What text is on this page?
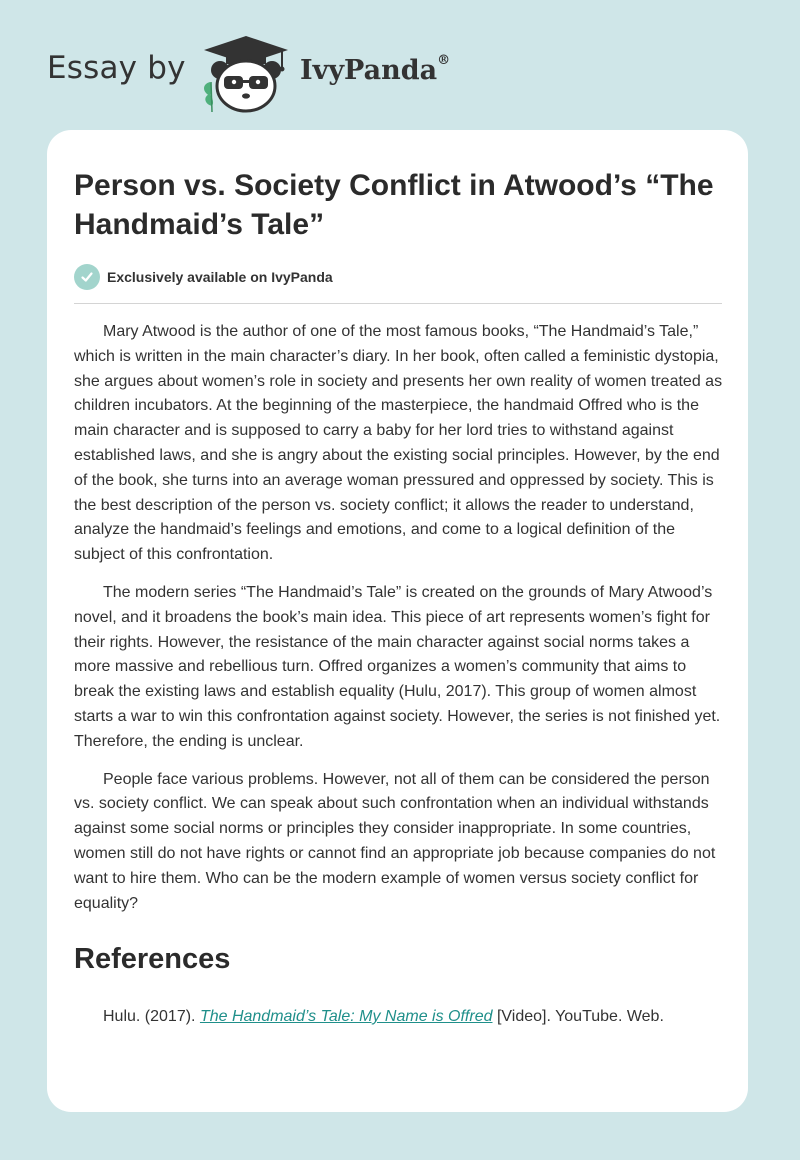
Essay by	IvyPanda®
Person vs. Society Conflict in Atwood’s “The Handmaid’s Tale”
Exclusively available on IvyPanda

Mary Atwood is the author of one of the most famous books, “The Handmaid’s Tale,” which is written in the main character’s diary. In her book, often called a feministic dystopia, she argues about women’s role in society and presents her own reality of women treated as children incubators. At the beginning of the masterpiece, the handmaid Offred who is the main character and is supposed to carry a baby for her lord tries to withstand against established laws, and she is angry about the existing social principles. However, by the end of the book, she turns into an average woman pressured and oppressed by society. This is the best description of the person vs. society conflict; it allows the reader to understand, analyze the handmaid’s feelings and emotions, and come to a logical definition of the subject of this confrontation.

The modern series “The Handmaid’s Tale” is created on the grounds of Mary Atwood’s novel, and it broadens the book’s main idea. This piece of art represents women’s fight for their rights. However, the resistance of the main character against social norms takes a more massive and rebellious turn. Offred organizes a women’s community that aims to break the existing laws and establish equality (Hulu, 2017). This group of women almost starts a war to win this confrontation against society. However, the series is not finished yet. Therefore, the ending is unclear.

People face various problems. However, not all of them can be considered the person vs. society conflict. We can speak about such confrontation when an individual withstands against some social norms or principles they consider inappropriate. In some countries, women still do not have rights or cannot find an appropriate job because companies do not want to hire them. Who can be the modern example of women versus society conflict for equality?

References
Hulu. (2017). The Handmaid’s Tale: My Name is Offred [Video]. YouTube. Web.
